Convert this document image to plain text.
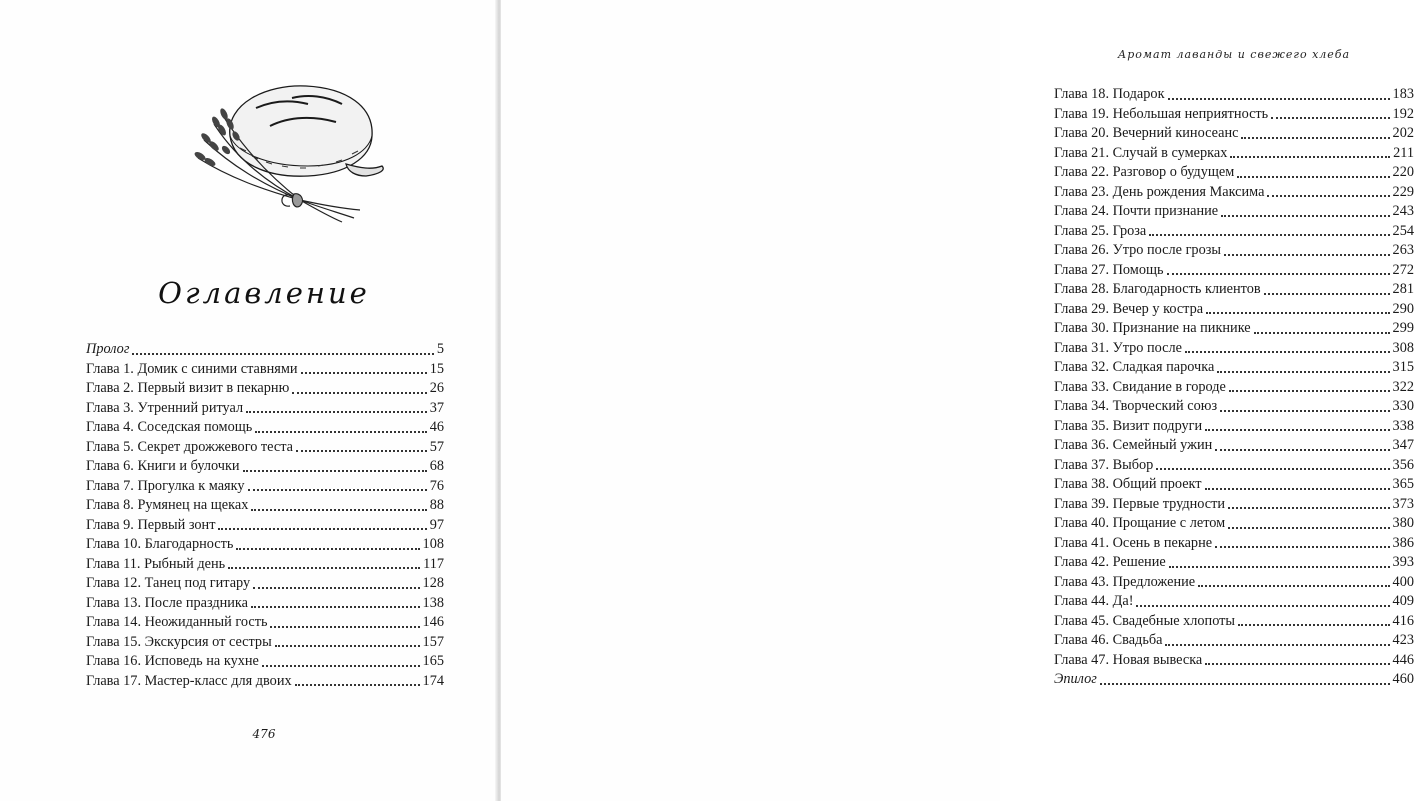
Оглавление
Пролог	5
Глава 1. Домик с синими ставнями	15
Глава 2. Первый визит в пекарню	26
Глава 3. Утренний ритуал	37
Глава 4. Соседская помощь	46
Глава 5. Секрет дрожжевого теста	57
Глава 6. Книги и булочки	68
Глава 7. Прогулка к маяку	76
Глава 8. Румянец на щеках	88
Глава 9. Первый зонт	97
Глава 10. Благодарность	108
Глава 11. Рыбный день	117
Глава 12. Танец под гитару	128
Глава 13. После праздника	138
Глава 14. Неожиданный гость	146
Глава 15. Экскурсия от сестры	157
Глава 16. Исповедь на кухне	165
Глава 17. Мастер-класс для двоих	174
476
Аромат лаванды и свежего хлеба
Глава 18. Подарок	183
Глава 19. Небольшая неприятность	192
Глава 20. Вечерний киносеанс	202
Глава 21. Случай в сумерках	211
Глава 22. Разговор о будущем	220
Глава 23. День рождения Максима	229
Глава 24. Почти признание	243
Глава 25. Гроза	254
Глава 26. Утро после грозы	263
Глава 27. Помощь	272
Глава 28. Благодарность клиентов	281
Глава 29. Вечер у костра	290
Глава 30. Признание на пикнике	299
Глава 31. Утро после	308
Глава 32. Сладкая парочка	315
Глава 33. Свидание в городе	322
Глава 34. Творческий союз	330
Глава 35. Визит подруги	338
Глава 36. Семейный ужин	347
Глава 37. Выбор	356
Глава 38. Общий проект	365
Глава 39. Первые трудности	373
Глава 40. Прощание с летом	380
Глава 41. Осень в пекарне	386
Глава 42. Решение	393
Глава 43. Предложение	400
Глава 44. Да!	409
Глава 45. Свадебные хлопоты	416
Глава 46. Свадьба	423
Глава 47. Новая вывеска	446
Эпилог	460
